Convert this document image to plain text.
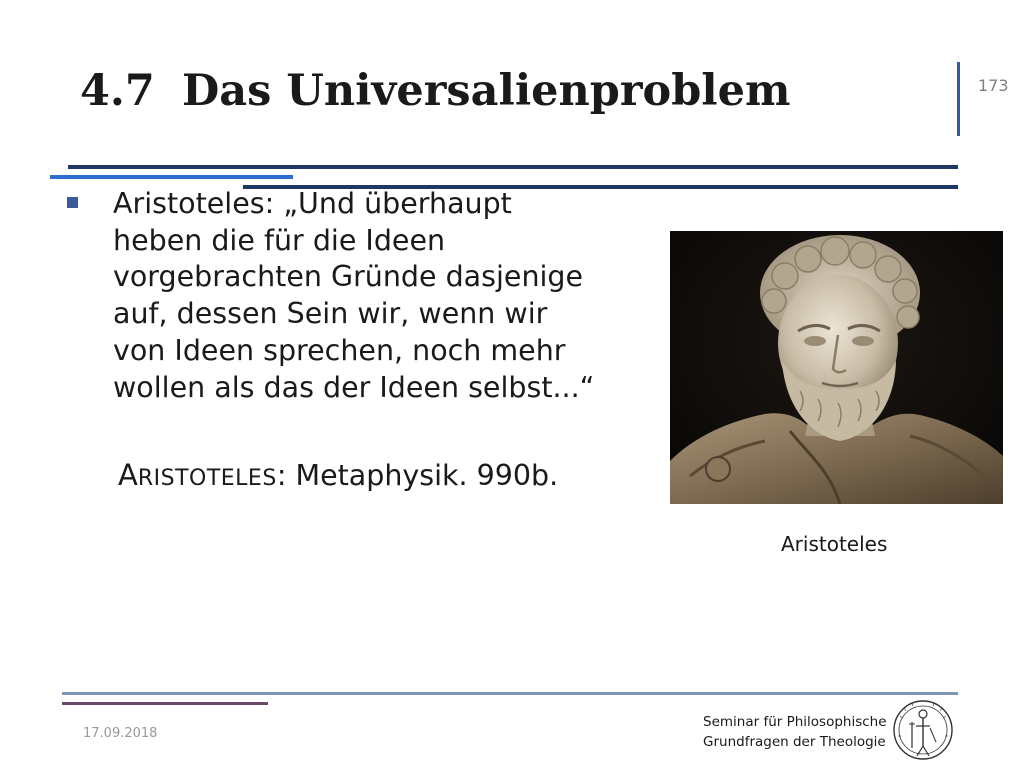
4.7 Das Universalienproblem	173
Aristoteles: „Und überhaupt
heben die für die Ideen
vorgebrachten Gründe dasjenige
auf, dessen Sein wir, wenn wir
von Ideen sprechen, noch mehr
wollen als das der Ideen selbst...“
ARISTOTELES: Metaphysik. 990b.
Aristoteles
17.09.2018
Seminar für Philosophische
Grundfragen der Theologie
